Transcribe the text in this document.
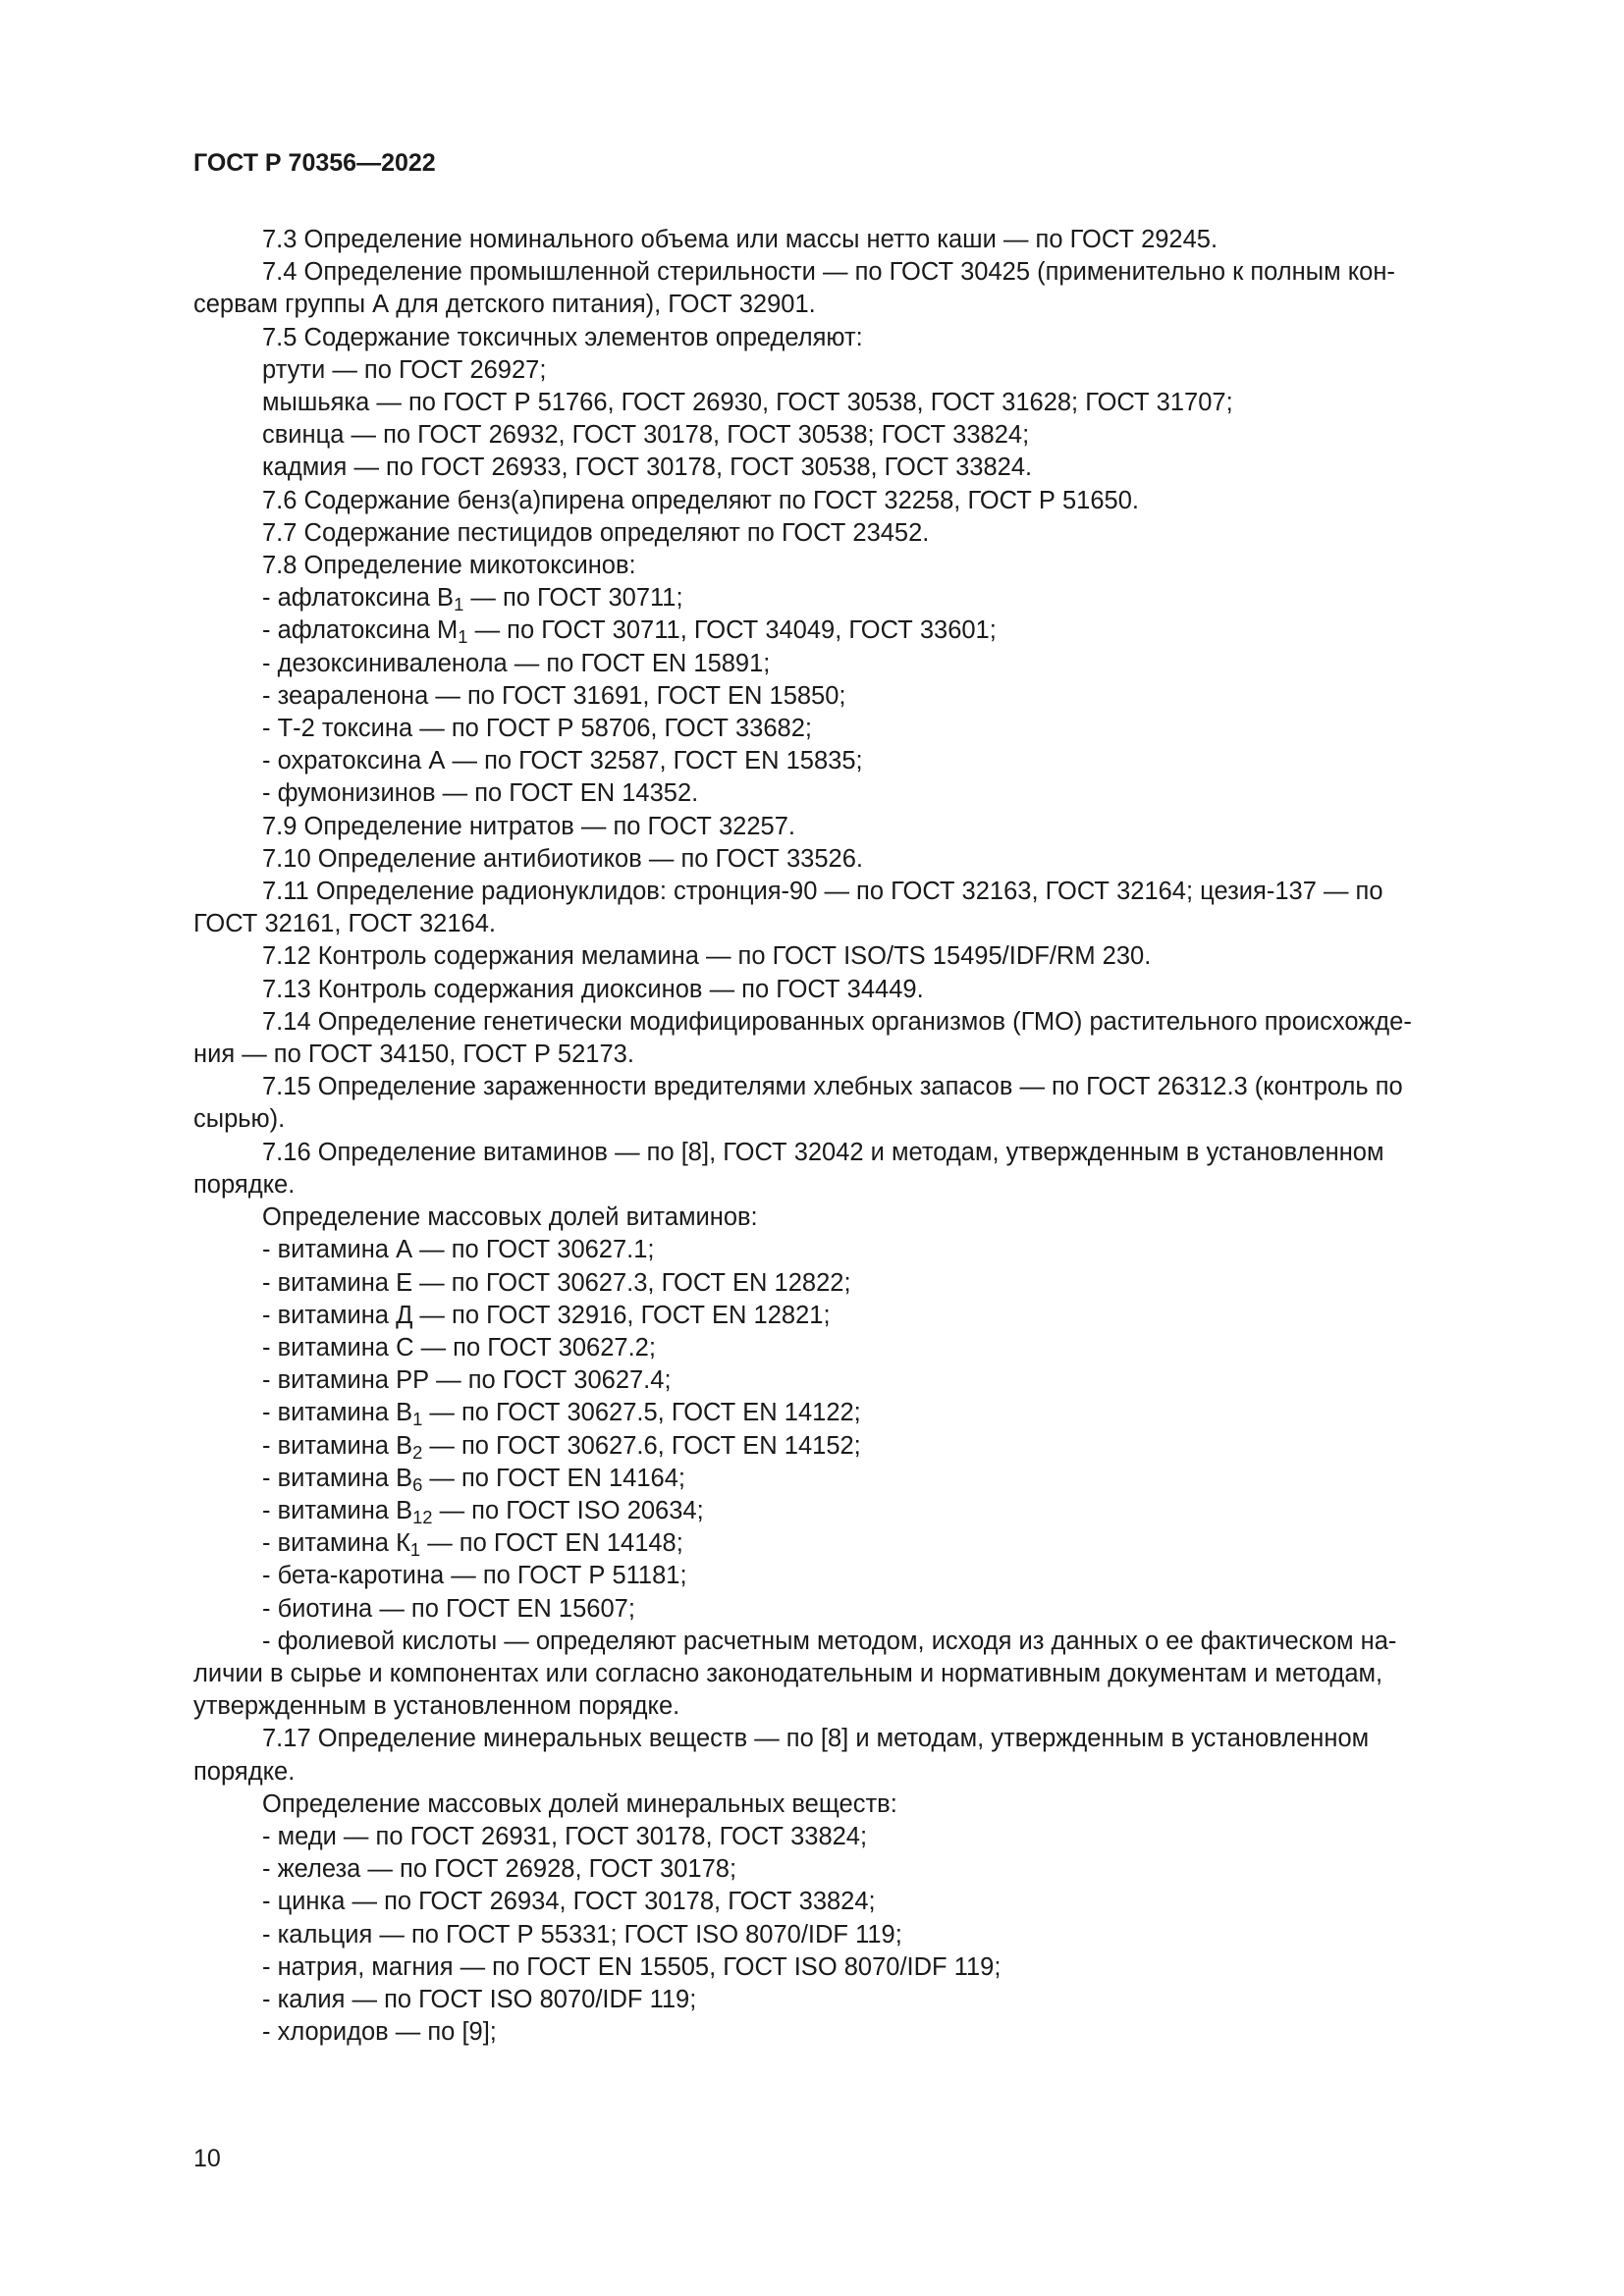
ГОСТ Р 70356—2022

7.3 Определение номинального объема или массы нетто каши — по ГОСТ 29245.

7.4 Определение промышленной стерильности — по ГОСТ 30425 (применительно к полным кон-

сервам группы А для детского питания), ГОСТ 32901.

7.5 Содержание токсичных элементов определяют:

ртути — по ГОСТ 26927;

мышьяка — по ГОСТ Р 51766, ГОСТ 26930, ГОСТ 30538, ГОСТ 31628; ГОСТ 31707;

свинца — по ГОСТ 26932, ГОСТ 30178, ГОСТ 30538; ГОСТ 33824;

кадмия — по ГОСТ 26933, ГОСТ 30178, ГОСТ 30538, ГОСТ 33824.

7.6 Содержание бенз(а)пирена определяют по ГОСТ 32258, ГОСТ Р 51650.

7.7 Содержание пестицидов определяют по ГОСТ 23452.

7.8 Определение микотоксинов:

- афлатоксина $В_1$ — по ГОСТ 30711;

- афлатоксина $М_1$ — по ГОСТ 30711, ГОСТ 34049, ГОСТ 33601;

- дезоксиниваленола — по ГОСТ EN 15891;

- зеараленона — по ГОСТ 31691, ГОСТ EN 15850;

- Т-2 токсина — по ГОСТ Р 58706, ГОСТ 33682;

- охратоксина А — по ГОСТ 32587, ГОСТ EN 15835;

- фумонизинов — по ГОСТ EN 14352.

7.9 Определение нитратов — по ГОСТ 32257.

7.10 Определение антибиотиков — по ГОСТ 33526.

7.11 Определение радионуклидов: стронция-90 — по ГОСТ 32163, ГОСТ 32164; цезия-137 — по

ГОСТ 32161, ГОСТ 32164.

7.12 Контроль содержания меламина — по ГОСТ ISO/TS 15495/IDF/RM 230.

7.13 Контроль содержания диоксинов — по ГОСТ 34449.

7.14 Определение генетически модифицированных организмов (ГМО) растительного происхожде-

ния — по ГОСТ 34150, ГОСТ Р 52173.

7.15 Определение зараженности вредителями хлебных запасов — по ГОСТ 26312.3 (контроль по

сырью).

7.16 Определение витаминов — по [8], ГОСТ 32042 и методам, утвержденным в установленном

порядке.

Определение массовых долей витаминов:

- витамина А — по ГОСТ 30627.1;

- витамина Е — по ГОСТ 30627.3, ГОСТ EN 12822;

- витамина Д — по ГОСТ 32916, ГОСТ EN 12821;

- витамина С — по ГОСТ 30627.2;

- витамина РР — по ГОСТ 30627.4;

- витамина $В_1$ — по ГОСТ 30627.5, ГОСТ EN 14122;

- витамина $В_2$ — по ГОСТ 30627.6, ГОСТ EN 14152;

- витамина $В_6$ — по ГОСТ EN 14164;

- витамина $В_{12}$ — по ГОСТ ISO 20634;

- витамина $К_1$ — по ГОСТ EN 14148;

- бета-каротина — по ГОСТ Р 51181;

- биотина — по ГОСТ EN 15607;

- фолиевой кислоты — определяют расчетным методом, исходя из данных о ее фактическом на-

личии в сырье и компонентах или согласно законодательным и нормативным документам и методам,

утвержденным в установленном порядке.

7.17 Определение минеральных веществ — по [8] и методам, утвержденным в установленном

порядке.

Определение массовых долей минеральных веществ:

- меди — по ГОСТ 26931, ГОСТ 30178, ГОСТ 33824;

- железа — по ГОСТ 26928, ГОСТ 30178;

- цинка — по ГОСТ 26934, ГОСТ 30178, ГОСТ 33824;

- кальция — по ГОСТ Р 55331; ГОСТ ISO 8070/IDF 119;

- натрия, магния — по ГОСТ EN 15505, ГОСТ ISO 8070/IDF 119;

- калия — по ГОСТ ISO 8070/IDF 119;

- хлоридов — по [9];

10
